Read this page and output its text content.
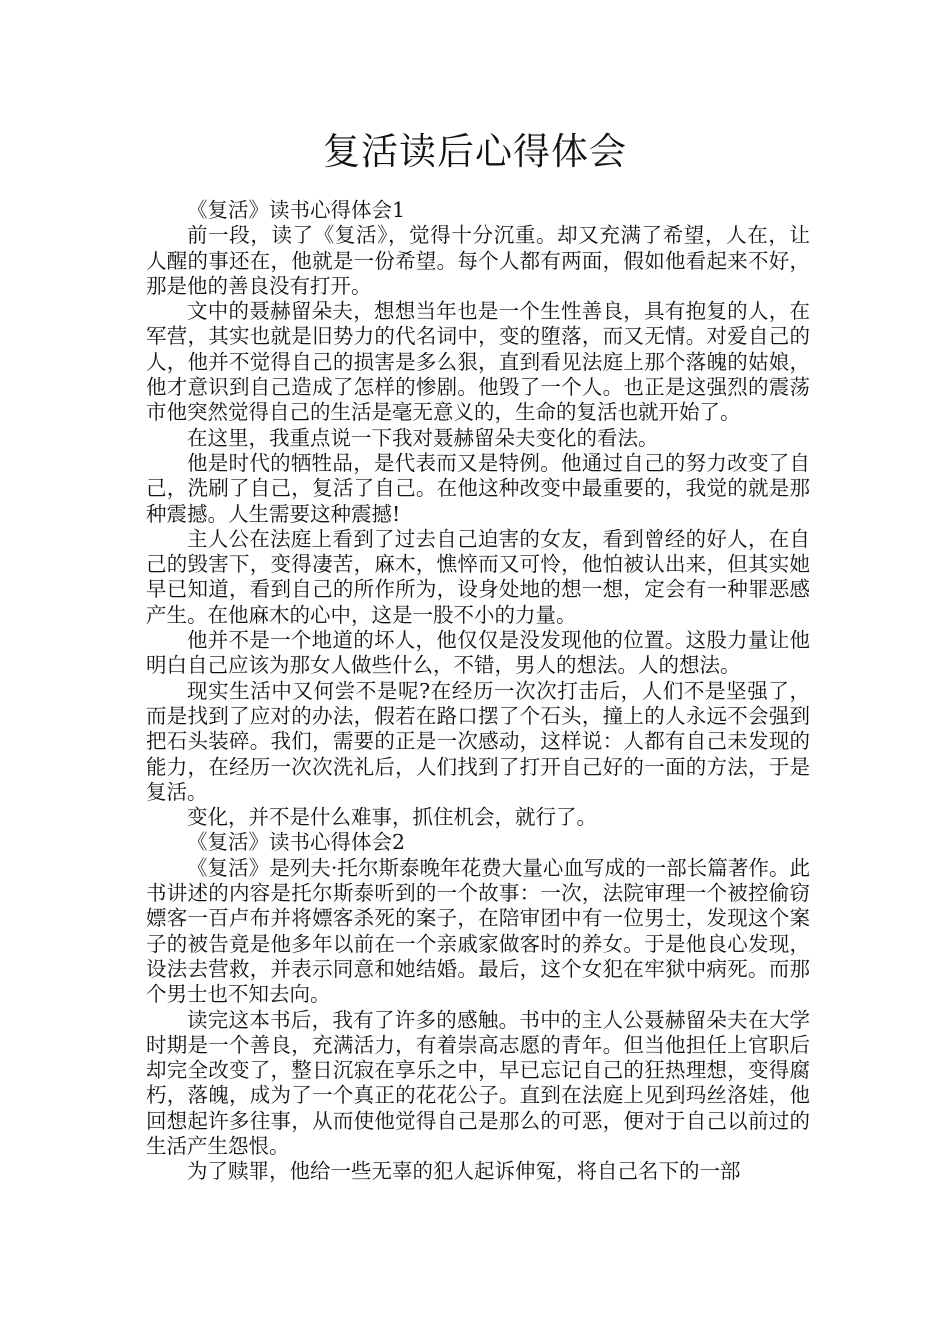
复活读后心得体会

《复活》读书心得体会1

前一段，读了《复活》，觉得十分沉重。却又充满了希望，人在，让人醒的事还在，他就是一份希望。每个人都有两面，假如他看起来不好，那是他的善良没有打开。

文中的聂赫留朵夫，想想当年也是一个生性善良，具有抱复的人，在军营，其实也就是旧势力的代名词中，变的堕落，而又无情。对爱自己的人，他并不觉得自己的损害是多么狠，直到看见法庭上那个落魄的姑娘，他才意识到自己造成了怎样的惨剧。他毁了一个人。也正是这强烈的震荡市他突然觉得自己的生活是毫无意义的，生命的复活也就开始了。

在这里，我重点说一下我对聂赫留朵夫变化的看法。

他是时代的牺牲品，是代表而又是特例。他通过自己的努力改变了自己，洗刷了自己，复活了自己。在他这种改变中最重要的，我觉的就是那种震撼。人生需要这种震撼!

主人公在法庭上看到了过去自己迫害的女友，看到曾经的好人，在自己的毁害下，变得凄苦，麻木，憔悴而又可怜，他怕被认出来，但其实她早已知道，看到自己的所作所为，设身处地的想一想，定会有一种罪恶感产生。在他麻木的心中，这是一股不小的力量。

他并不是一个地道的坏人，他仅仅是没发现他的位置。这股力量让他明白自己应该为那女人做些什么，不错，男人的想法。人的想法。

现实生活中又何尝不是呢?在经历一次次打击后，人们不是坚强了，而是找到了应对的办法，假若在路口摆了个石头，撞上的人永远不会强到把石头装碎。我们，需要的正是一次感动，这样说：人都有自己未发现的能力，在经历一次次洗礼后，人们找到了打开自己好的一面的方法，于是复活。

变化，并不是什么难事，抓住机会，就行了。

《复活》读书心得体会2

《复活》是列夫·托尔斯泰晚年花费大量心血写成的一部长篇著作。此书讲述的内容是托尔斯泰听到的一个故事：一次，法院审理一个被控偷窃嫖客一百卢布并将嫖客杀死的案子，在陪审团中有一位男士，发现这个案子的被告竟是他多年以前在一个亲戚家做客时的养女。于是他良心发现，设法去营救，并表示同意和她结婚。最后，这个女犯在牢狱中病死。而那个男士也不知去向。

读完这本书后，我有了许多的感触。书中的主人公聂赫留朵夫在大学时期是一个善良，充满活力，有着崇高志愿的青年。但当他担任上官职后却完全改变了，整日沉寂在享乐之中，早已忘记自己的狂热理想，变得腐朽，落魄，成为了一个真正的花花公子。直到在法庭上见到玛丝洛娃，他回想起许多往事，从而使他觉得自己是那么的可恶，便对于自己以前过的生活产生怨恨。

为了赎罪，他给一些无辜的犯人起诉伸冤，将自己名下的一部
